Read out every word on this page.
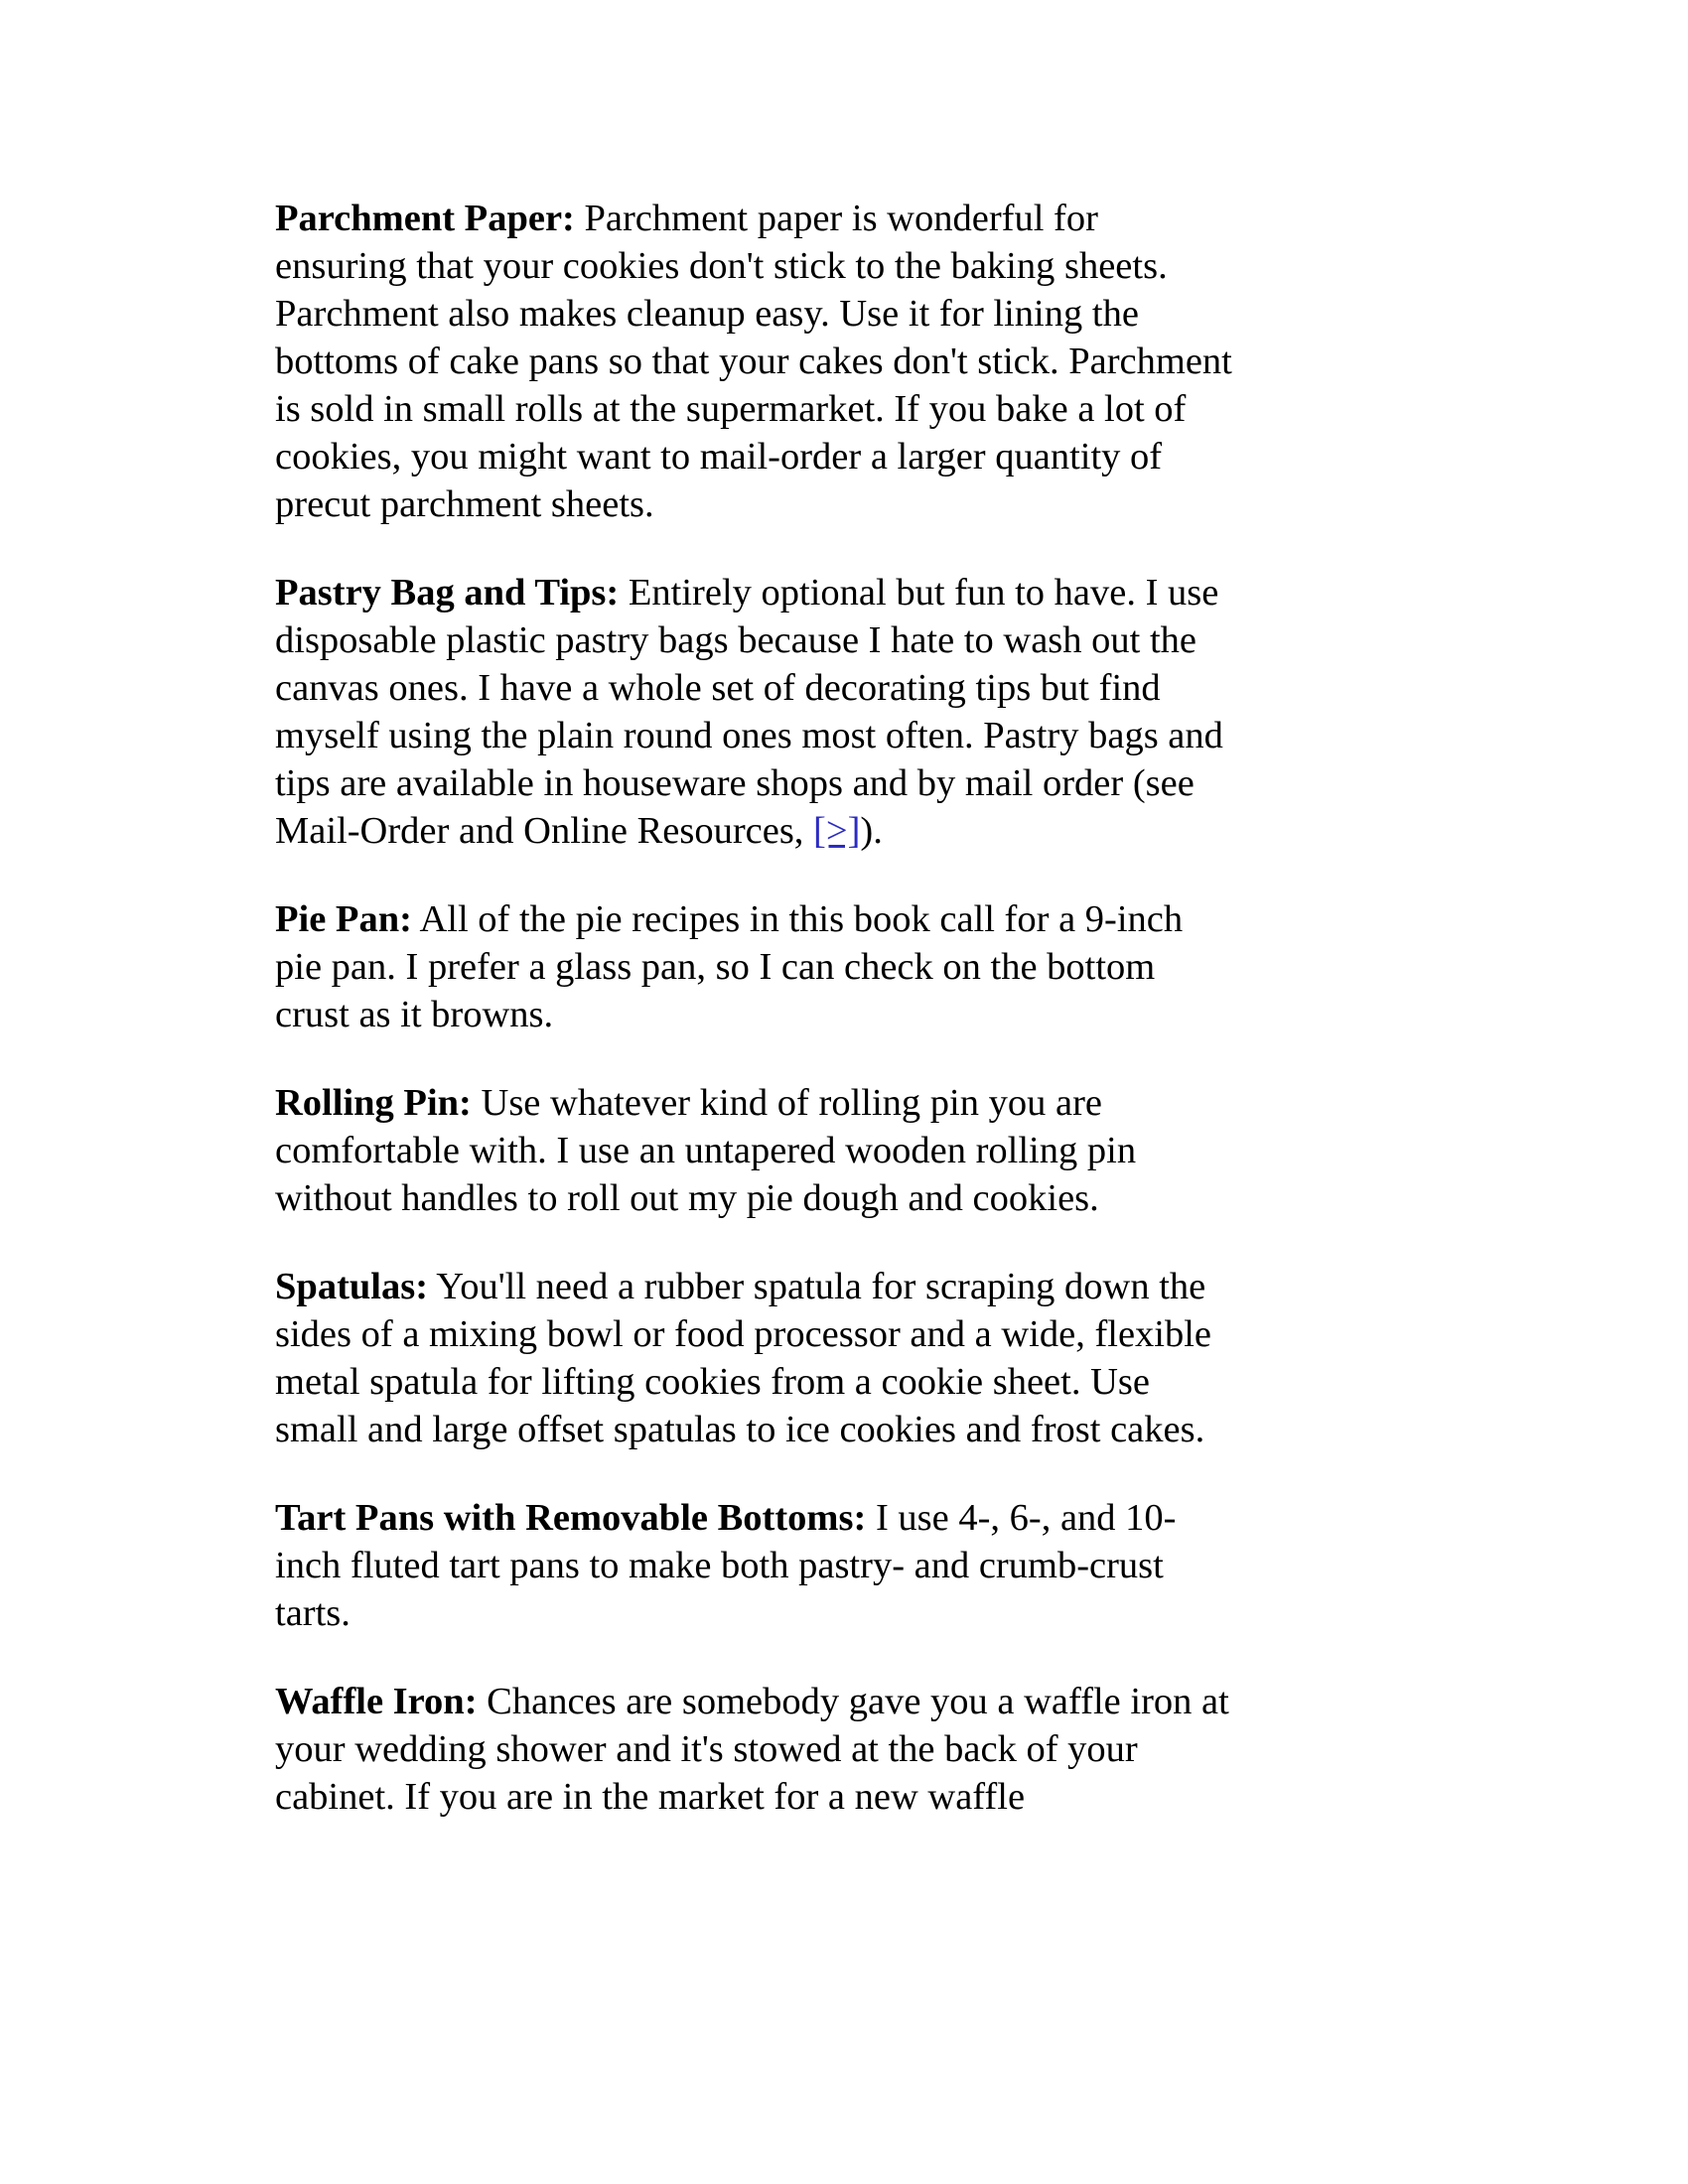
Parchment Paper: Parchment paper is wonderful for ensuring that your cookies don't stick to the baking sheets. Parchment also makes cleanup easy. Use it for lining the bottoms of cake pans so that your cakes don't stick. Parchment is sold in small rolls at the supermarket. If you bake a lot of cookies, you might want to mail-order a larger quantity of precut parchment sheets.

Pastry Bag and Tips: Entirely optional but fun to have. I use disposable plastic pastry bags because I hate to wash out the canvas ones. I have a whole set of decorating tips but find myself using the plain round ones most often. Pastry bags and tips are available in houseware shops and by mail order (see Mail-Order and Online Resources, [>]).

Pie Pan: All of the pie recipes in this book call for a 9-inch pie pan. I prefer a glass pan, so I can check on the bottom crust as it browns.

Rolling Pin: Use whatever kind of rolling pin you are comfortable with. I use an untapered wooden rolling pin without handles to roll out my pie dough and cookies.

Spatulas: You'll need a rubber spatula for scraping down the sides of a mixing bowl or food processor and a wide, flexible metal spatula for lifting cookies from a cookie sheet. Use small and large offset spatulas to ice cookies and frost cakes.

Tart Pans with Removable Bottoms: I use 4-, 6-, and 10-inch fluted tart pans to make both pastry- and crumb-crust tarts.

Waffle Iron: Chances are somebody gave you a waffle iron at your wedding shower and it's stowed at the back of your cabinet. If you are in the market for a new waffle
